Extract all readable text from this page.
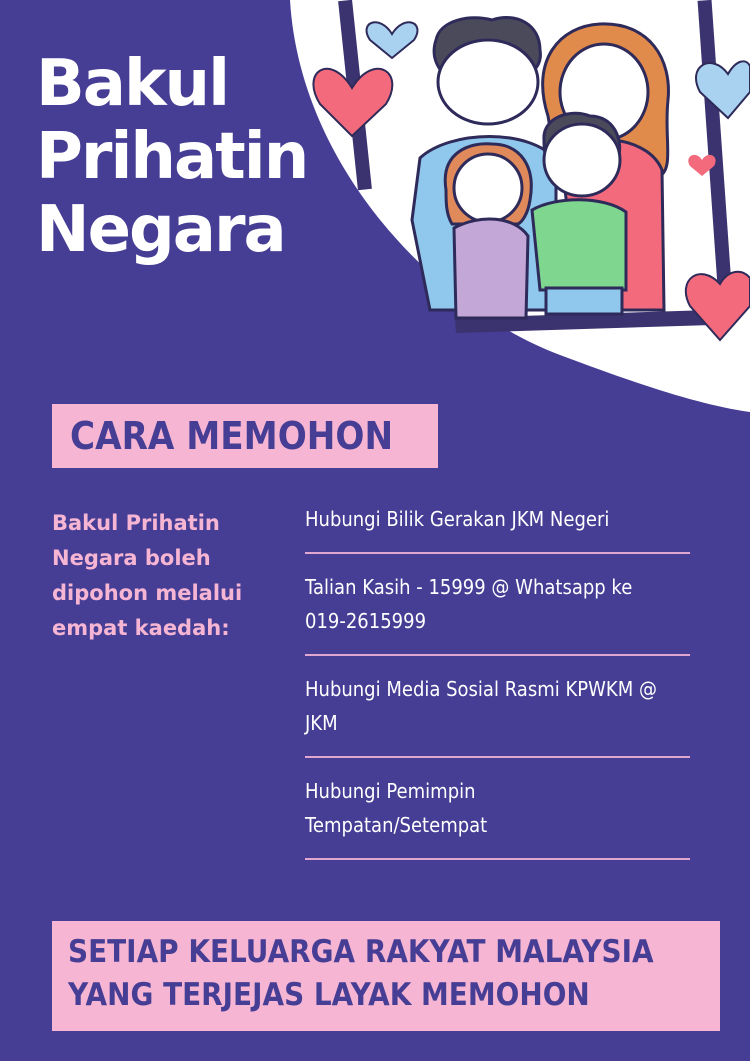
Bakul
Prihatin
Negara
CARA MEMOHON

Bakul Prihatin Negara boleh dipohon melalui empat kaedah:

Hubungi Bilik Gerakan JKM Negeri
Talian Kasih - 15999 @ Whatsapp ke 019-2615999
Hubungi Media Sosial Rasmi KPWKM @ JKM
Hubungi Pemimpin Tempatan/Setempat

SETIAP KELUARGA RAKYAT MALAYSIA
YANG TERJEJAS LAYAK MEMOHON
